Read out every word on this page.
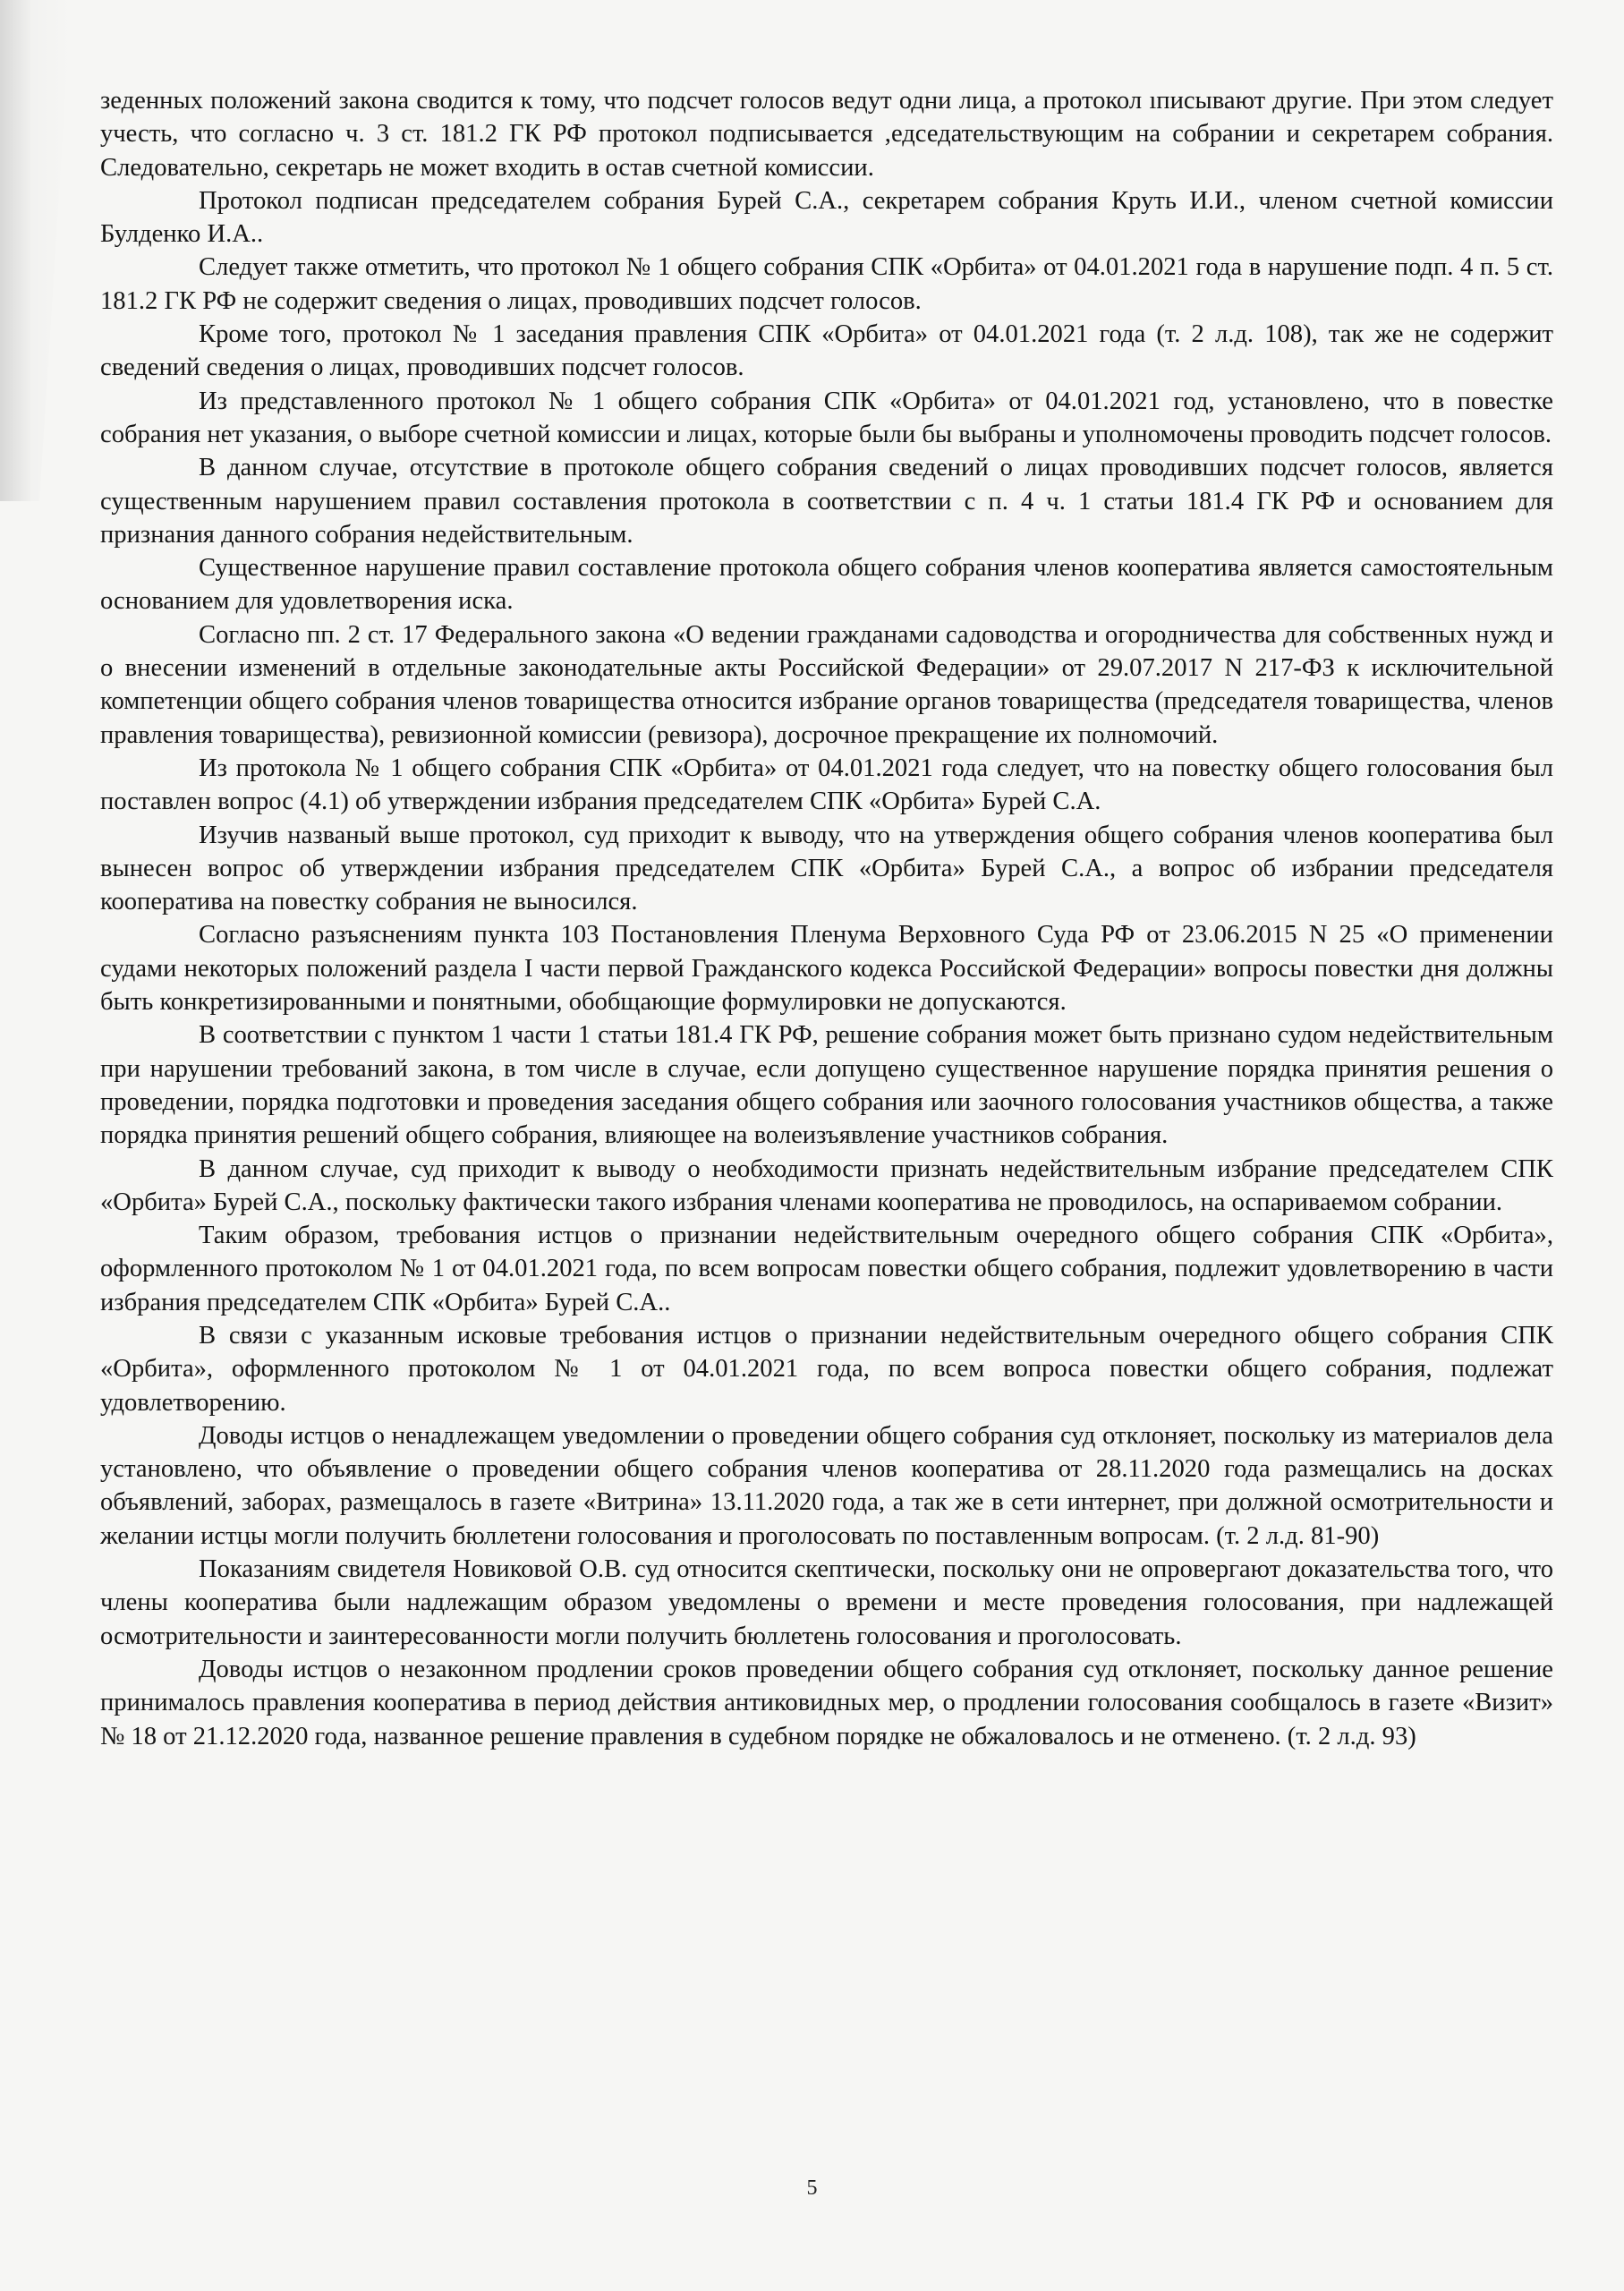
зеденных положений закона сводится к тому, что подсчет голосов ведут одни лица, а протокол ıписывают другие. При этом следует учесть, что согласно ч. 3 ст. 181.2 ГК РФ протокол подписывается ,едседательствующим на собрании и секретарем собрания. Следовательно, секретарь не может входить в остав счетной комиссии.

Протокол подписан председателем собрания Бурей С.А., секретарем собрания Круть И.И., членом счетной комиссии Булденко И.А..

Следует также отметить, что протокол № 1 общего собрания СПК «Орбита» от 04.01.2021 года в нарушение подп. 4 п. 5 ст. 181.2 ГК РФ не содержит сведения о лицах, проводивших подсчет голосов.

Кроме того, протокол № 1 заседания правления СПК «Орбита» от 04.01.2021 года (т. 2 л.д. 108), так же не содержит сведений сведения о лицах, проводивших подсчет голосов.

Из представленного протокол № 1 общего собрания СПК «Орбита» от 04.01.2021 год, установлено, что в повестке собрания нет указания, о выборе счетной комиссии и лицах, которые были бы выбраны и уполномочены проводить подсчет голосов.

В данном случае, отсутствие в протоколе общего собрания сведений о лицах проводивших подсчет голосов, является существенным нарушением правил составления протокола в соответствии с п. 4 ч. 1 статьи 181.4 ГК РФ и основанием для признания данного собрания недействительным.

Существенное нарушение правил составление протокола общего собрания членов кооператива является самостоятельным основанием для удовлетворения иска.

Согласно пп. 2 ст. 17 Федерального закона «О ведении гражданами садоводства и огородничества для собственных нужд и о внесении изменений в отдельные законодательные акты Российской Федерации» от 29.07.2017 N 217-ФЗ к исключительной компетенции общего собрания членов товарищества относится избрание органов товарищества (председателя товарищества, членов правления товарищества), ревизионной комиссии (ревизора), досрочное прекращение их полномочий.

Из протокола № 1 общего собрания СПК «Орбита» от 04.01.2021 года следует, что на повестку общего голосования был поставлен вопрос (4.1) об утверждении избрания председателем СПК «Орбита» Бурей С.А.

Изучив названый выше протокол, суд приходит к выводу, что на утверждения общего собрания членов кооператива был вынесен вопрос об утверждении избрания председателем СПК «Орбита» Бурей С.А., а вопрос об избрании председателя кооператива на повестку собрания не выносился.

Согласно разъяснениям пункта 103 Постановления Пленума Верховного Суда РФ от 23.06.2015 N 25 «О применении судами некоторых положений раздела I части первой Гражданского кодекса Российской Федерации» вопросы повестки дня должны быть конкретизированными и понятными, обобщающие формулировки не допускаются.

В соответствии с пунктом 1 части 1 статьи 181.4 ГК РФ, решение собрания может быть признано судом недействительным при нарушении требований закона, в том числе в случае, если допущено существенное нарушение порядка принятия решения о проведении, порядка подготовки и проведения заседания общего собрания или заочного голосования участников общества, а также порядка принятия решений общего собрания, влияющее на волеизъявление участников собрания.

В данном случае, суд приходит к выводу о необходимости признать недействительным избрание председателем СПК «Орбита» Бурей С.А., поскольку фактически такого избрания членами кооператива не проводилось, на оспариваемом собрании.

Таким образом, требования истцов о признании недействительным очередного общего собрания СПК «Орбита», оформленного протоколом № 1 от 04.01.2021 года, по всем вопросам повестки общего собрания, подлежит удовлетворению в части избрания председателем СПК «Орбита» Бурей С.А..

В связи с указанным исковые требования истцов о признании недействительным очередного общего собрания СПК «Орбита», оформленного протоколом № 1 от 04.01.2021 года, по всем вопроса повестки общего собрания, подлежат удовлетворению.

Доводы истцов о ненадлежащем уведомлении о проведении общего собрания суд отклоняет, поскольку из материалов дела установлено, что объявление о проведении общего собрания членов кооператива от 28.11.2020 года размещались на досках объявлений, заборах, размещалось в газете «Витрина» 13.11.2020 года, а так же в сети интернет, при должной осмотрительности и желании истцы могли получить бюллетени голосования и проголосовать по поставленным вопросам. (т. 2 л.д. 81-90)

Показаниям свидетеля Новиковой О.В. суд относится скептически, поскольку они не опровергают доказательства того, что члены кооператива были надлежащим образом уведомлены о времени и месте проведения голосования, при надлежащей осмотрительности и заинтересованности могли получить бюллетень голосования и проголосовать.

Доводы истцов о незаконном продлении сроков проведении общего собрания суд отклоняет, поскольку данное решение принималось правления кооператива в период действия антиковидных мер, о продлении голосования сообщалось в газете «Визит» № 18 от 21.12.2020 года, названное решение правления в судебном порядке не обжаловалось и не отменено. (т. 2 л.д. 93)

5
